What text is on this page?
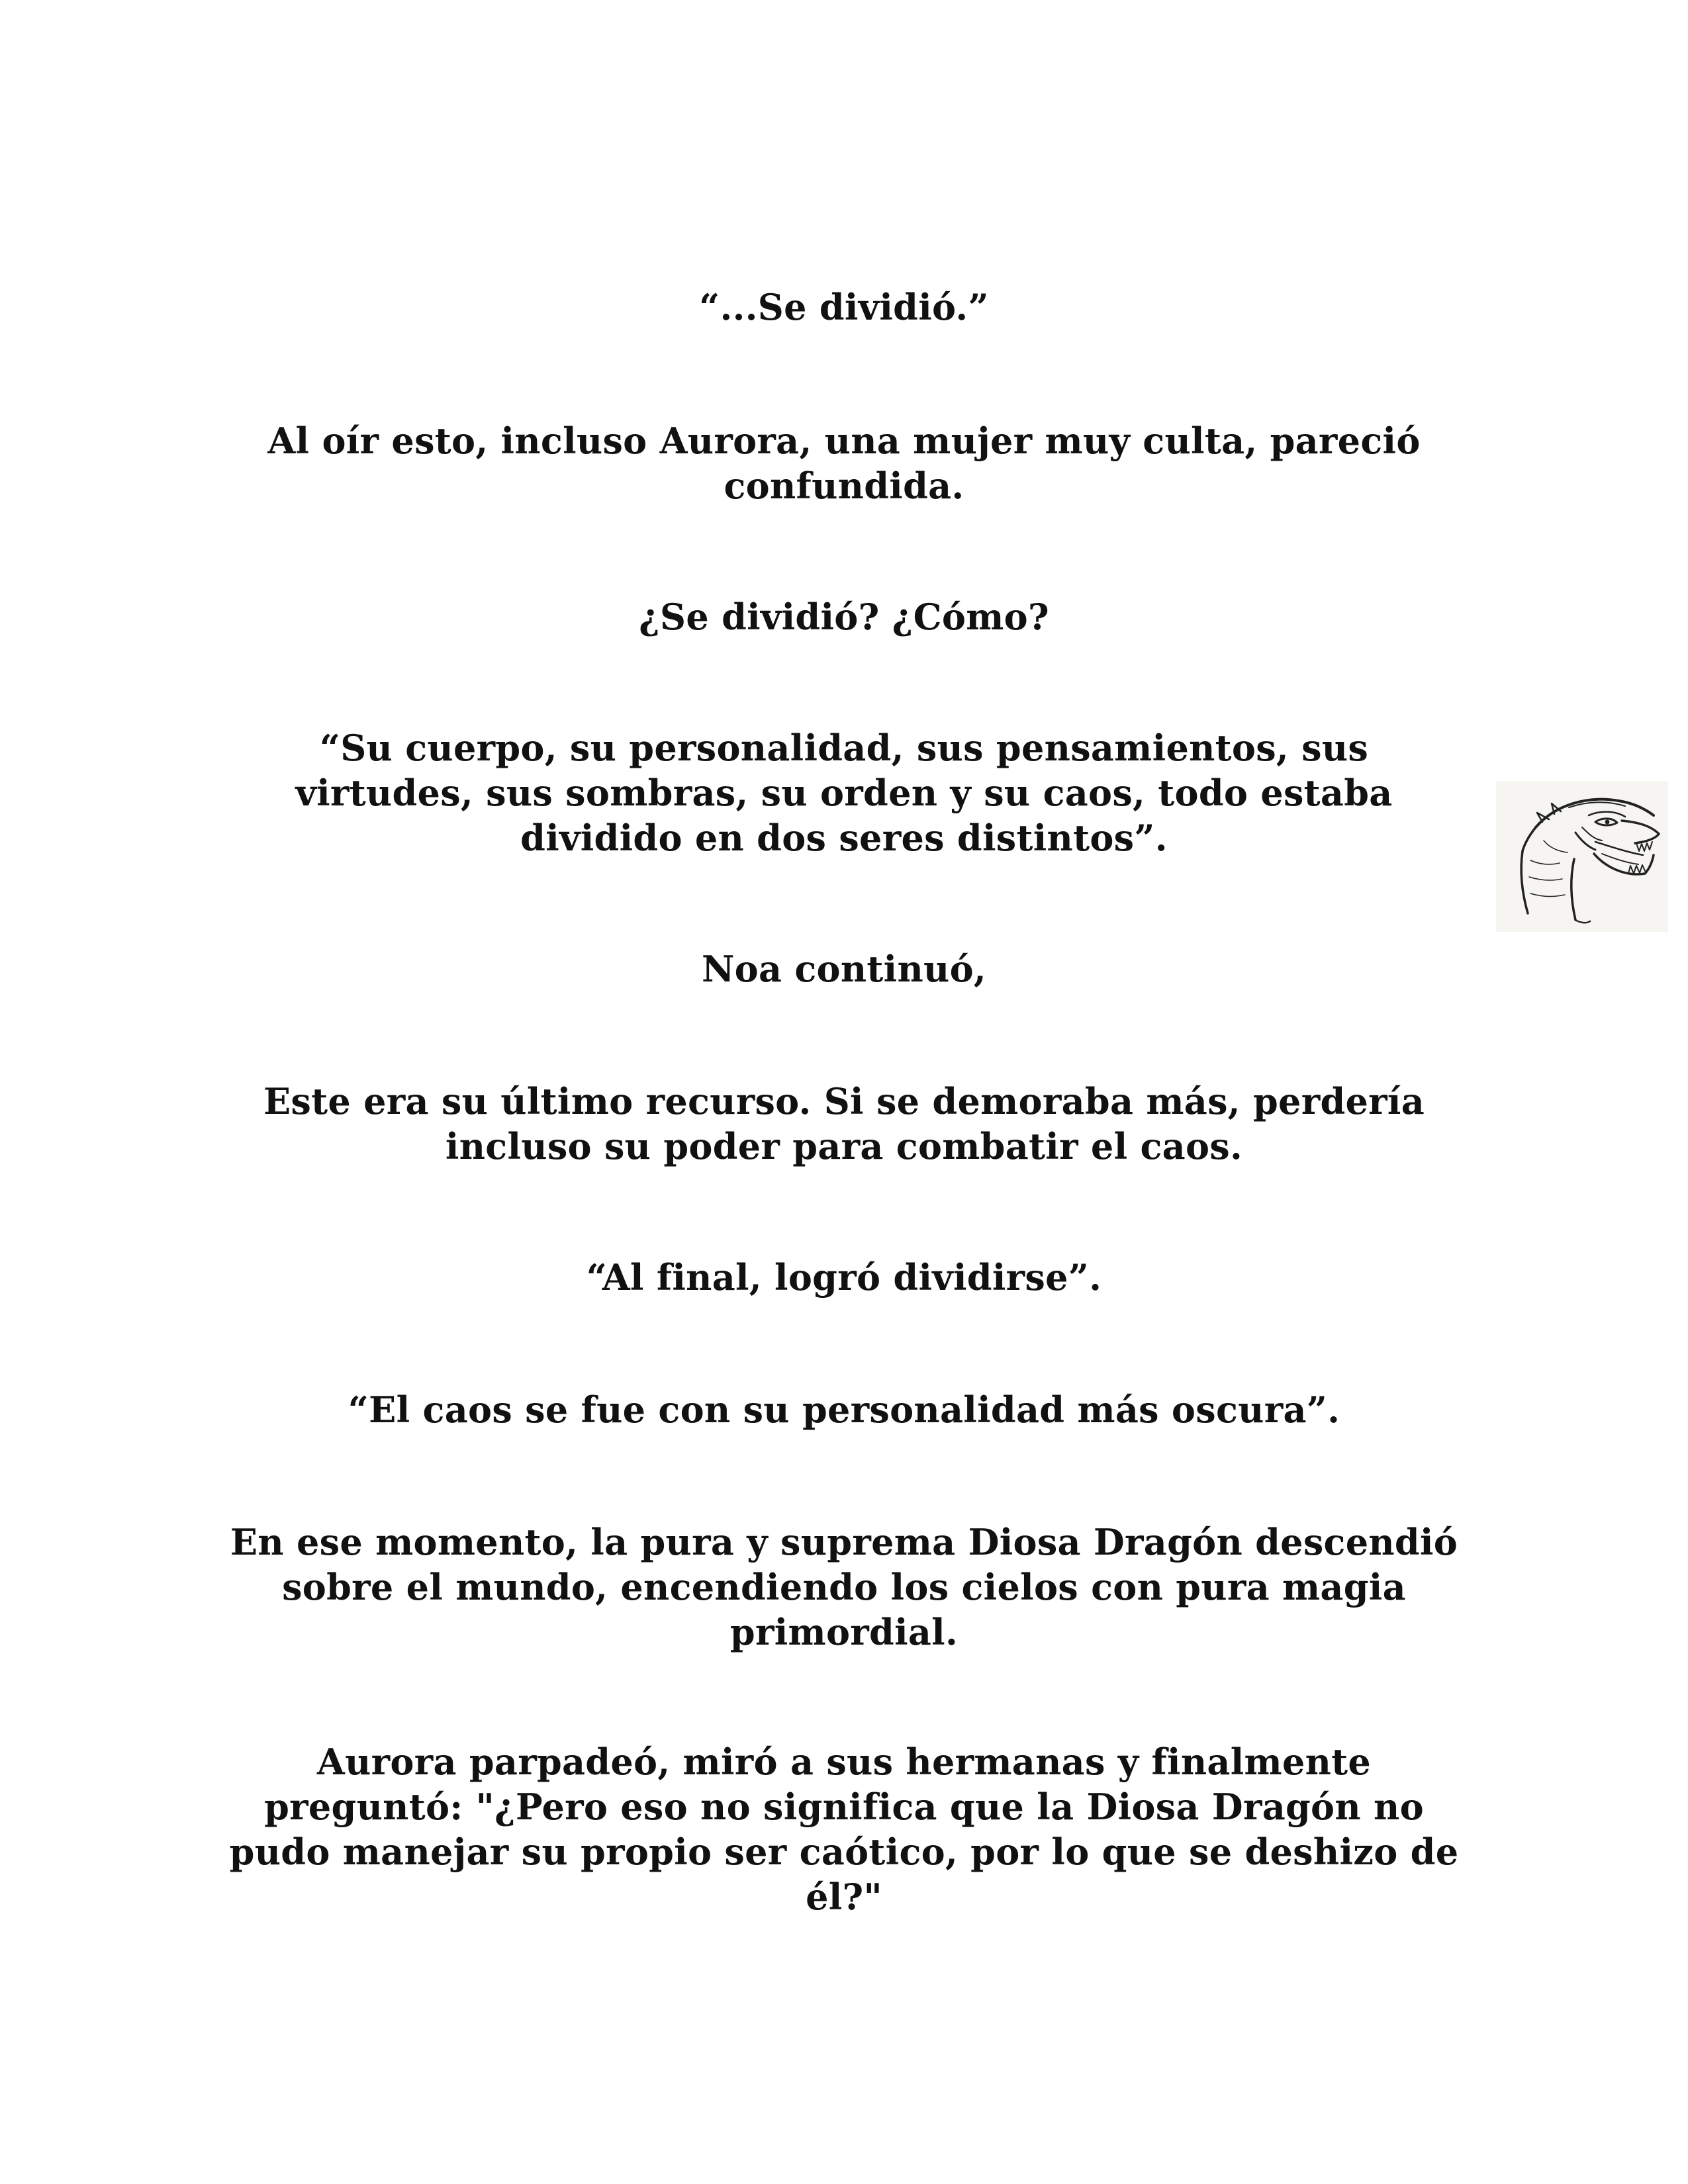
“...Se dividió.”

Al oír esto, incluso Aurora, una mujer muy culta, pareció confundida.

¿Se dividió? ¿Cómo?

“Su cuerpo, su personalidad, sus pensamientos, sus virtudes, sus sombras, su orden y su caos, todo estaba dividido en dos seres distintos”.

Noa continuó,

Este era su último recurso. Si se demoraba más, perdería incluso su poder para combatir el caos.

“Al final, logró dividirse”.

“El caos se fue con su personalidad más oscura”.

En ese momento, la pura y suprema Diosa Dragón descendió sobre el mundo, encendiendo los cielos con pura magia primordial.

Aurora parpadeó, miró a sus hermanas y finalmente preguntó: "¿Pero eso no significa que la Diosa Dragón no pudo manejar su propio ser caótico, por lo que se deshizo de él?"
